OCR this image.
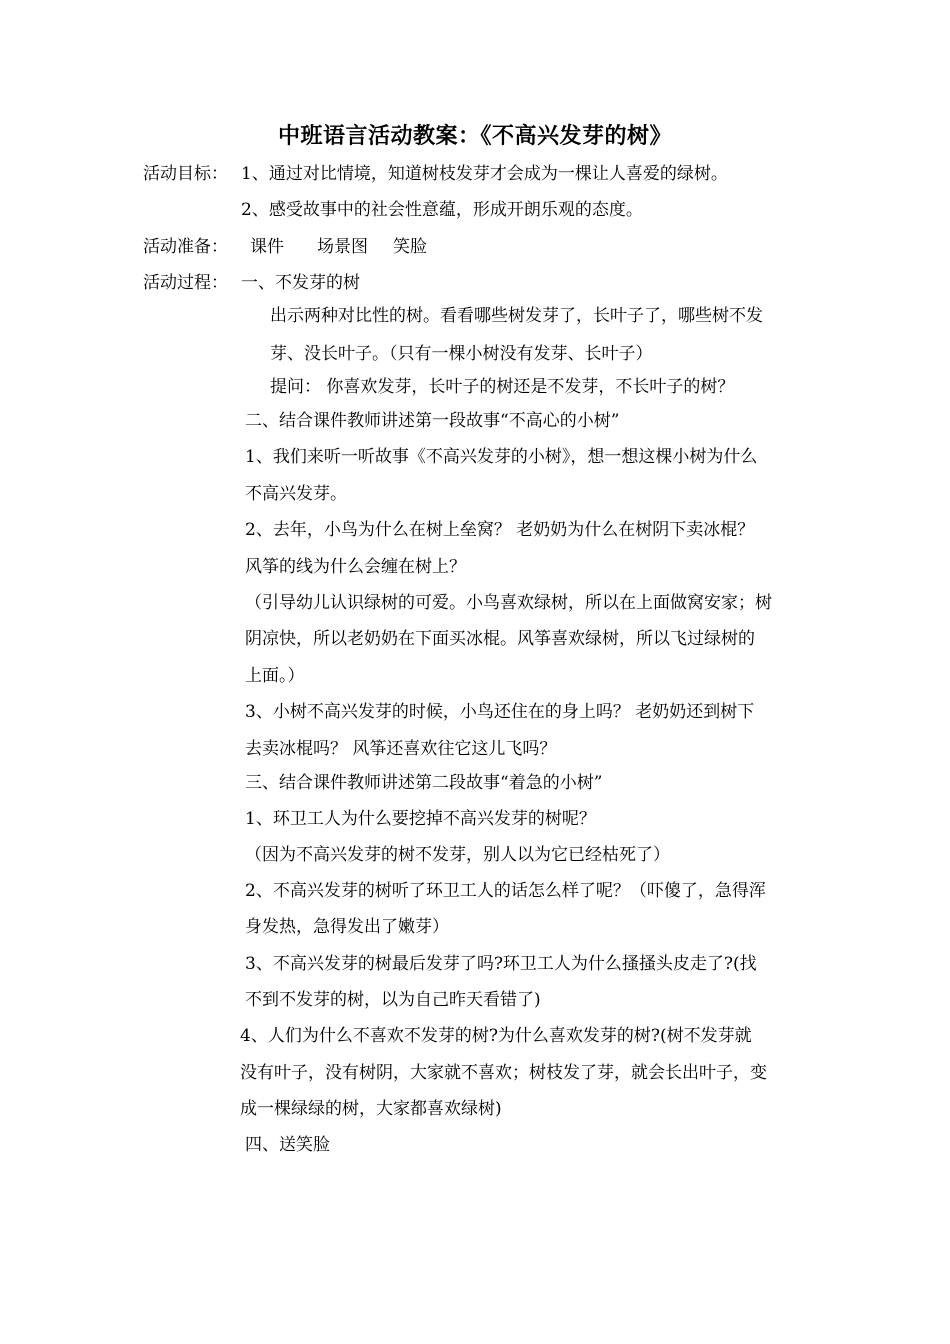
中班语言活动教案：《不高兴发芽的树》
活动目标： 1、通过对比情境，知道树枝发芽才会成为一棵让人喜爱的绿树。
2、感受故事中的社会性意蕴，形成开朗乐观的态度。
活动准备： 课件 场景图 笑脸
活动过程： 一、不发芽的树
出示两种对比性的树。看看哪些树发芽了，长叶子了，哪些树不发
芽、没长叶子。（只有一棵小树没有发芽、长叶子）
提问： 你喜欢发芽，长叶子的树还是不发芽，不长叶子的树？
二、结合课件教师讲述第一段故事“不高心的小树”
1、我们来听一听故事《不高兴发芽的小树》，想一想这棵小树为什么
不高兴发芽。
2、去年，小鸟为什么在树上垒窝？ 老奶奶为什么在树阴下卖冰棍？
风筝的线为什么会缠在树上？
（引导幼儿认识绿树的可爱。小鸟喜欢绿树，所以在上面做窝安家；树
阴凉快，所以老奶奶在下面买冰棍。风筝喜欢绿树，所以飞过绿树的
上面。）
3、小树不高兴发芽的时候，小鸟还住在的身上吗？ 老奶奶还到树下
去卖冰棍吗？ 风筝还喜欢往它这儿飞吗？
三、结合课件教师讲述第二段故事“着急的小树”
1、环卫工人为什么要挖掉不高兴发芽的树呢？
（因为不高兴发芽的树不发芽，别人以为它已经枯死了）
2、不高兴发芽的树听了环卫工人的话怎么样了呢？（吓傻了，急得浑
身发热，急得发出了嫩芽）
3、不高兴发芽的树最后发芽了吗?环卫工人为什么搔搔头皮走了?(找
不到不发芽的树，以为自己昨天看错了)
4、人们为什么不喜欢不发芽的树?为什么喜欢发芽的树?(树不发芽就
没有叶子，没有树阴，大家就不喜欢；树枝发了芽，就会长出叶子，变
成一棵绿绿的树，大家都喜欢绿树)
四、送笑脸
